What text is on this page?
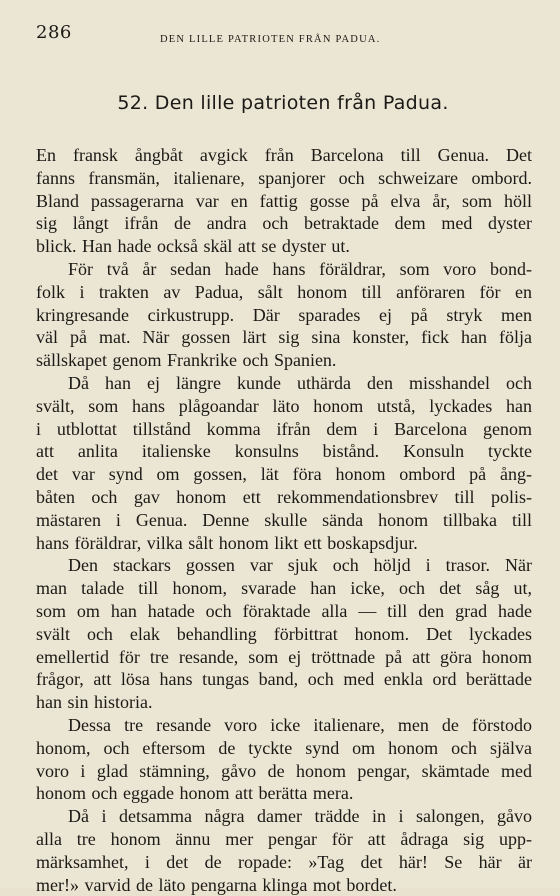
286	DEN LILLE PATRIOTEN FRÅN PADUA.
52. Den lille patrioten från Padua.
En fransk ångbåt avgick från Barcelona till Genua. Det
fanns fransmän, italienare, spanjorer och schweizare ombord.
Bland passagerarna var en fattig gosse på elva år, som höll
sig långt ifrån de andra och betraktade dem med dyster
blick. Han hade också skäl att se dyster ut.
För två år sedan hade hans föräldrar, som voro bond-
folk i trakten av Padua, sålt honom till anföraren för en
kringresande cirkustrupp. Där sparades ej på stryk men
väl på mat. När gossen lärt sig sina konster, fick han följa
sällskapet genom Frankrike och Spanien.
Då han ej längre kunde uthärda den misshandel och
svält, som hans plågoandar läto honom utstå, lyckades han
i utblottat tillstånd komma ifrån dem i Barcelona genom
att anlita italienske konsulns bistånd. Konsuln tyckte
det var synd om gossen, lät föra honom ombord på ång-
båten och gav honom ett rekommendationsbrev till polis-
mästaren i Genua. Denne skulle sända honom tillbaka till
hans föräldrar, vilka sålt honom likt ett boskapsdjur.
Den stackars gossen var sjuk och höljd i trasor. När
man talade till honom, svarade han icke, och det såg ut,
som om han hatade och föraktade alla — till den grad hade
svält och elak behandling förbittrat honom. Det lyckades
emellertid för tre resande, som ej tröttnade på att göra honom
frågor, att lösa hans tungas band, och med enkla ord berättade
han sin historia.
Dessa tre resande voro icke italienare, men de förstodo
honom, och eftersom de tyckte synd om honom och själva
voro i glad stämning, gåvo de honom pengar, skämtade med
honom och eggade honom att berätta mera.
Då i detsamma några damer trädde in i salongen, gåvo
alla tre honom ännu mer pengar för att ådraga sig upp-
märksamhet, i det de ropade: »Tag det här! Se här är
mer!» varvid de läto pengarna klinga mot bordet.
